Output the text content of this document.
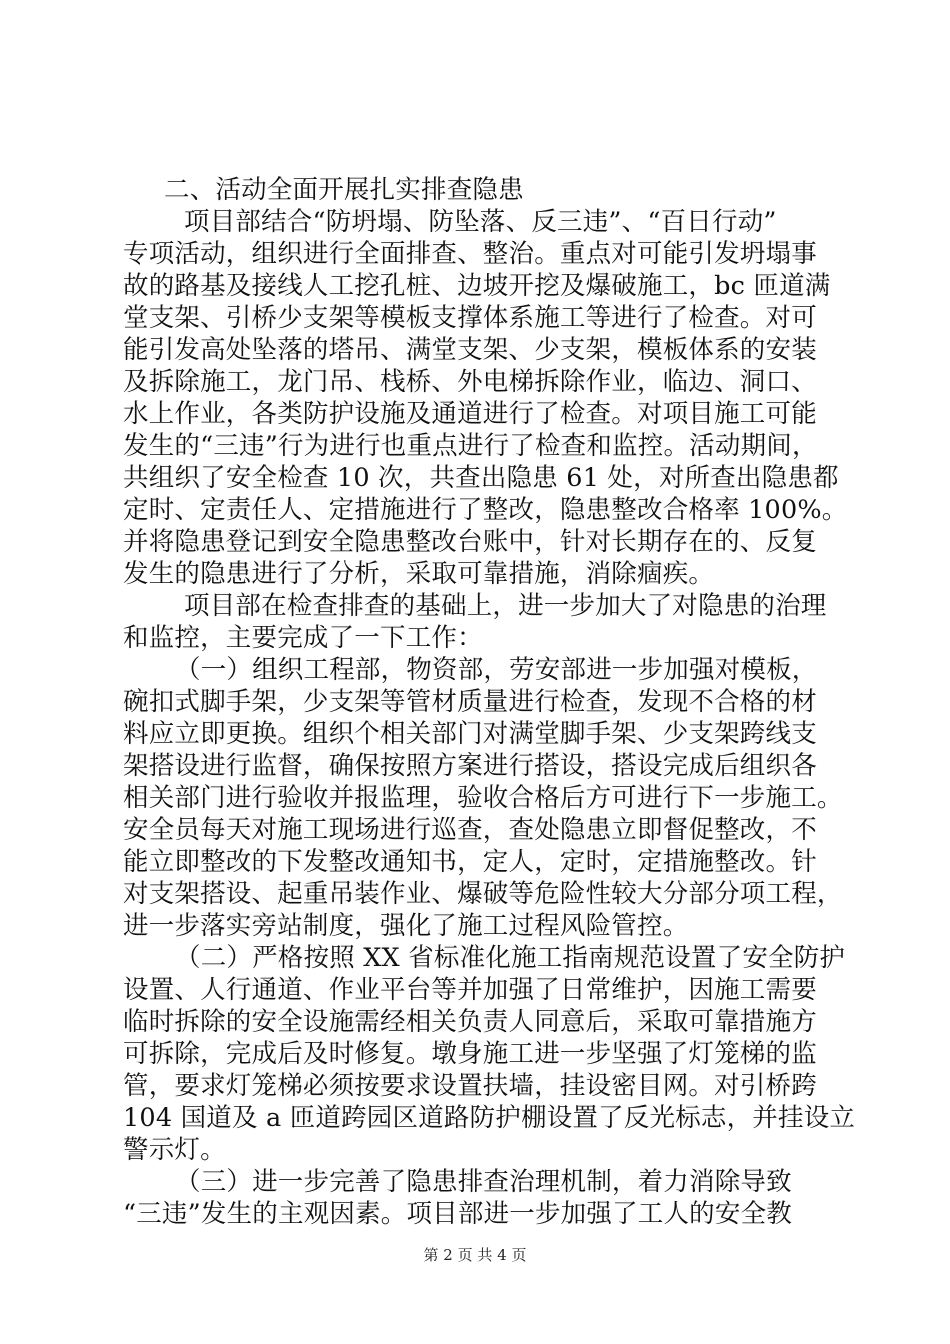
二、活动全面开展扎实排查隐患

项目部结合“防坍塌、防坠落、反三违”、“百日行动”

专项活动，组织进行全面排查、整治。重点对可能引发坍塌事

故的路基及接线人工挖孔桩、边坡开挖及爆破施工，bc 匝道满

堂支架、引桥少支架等模板支撑体系施工等进行了检查。对可

能引发高处坠落的塔吊、满堂支架、少支架，模板体系的安装

及拆除施工，龙门吊、栈桥、外电梯拆除作业，临边、洞口、

水上作业，各类防护设施及通道进行了检查。对项目施工可能

发生的“三违”行为进行也重点进行了检查和监控。活动期间，

共组织了安全检查 10 次，共查出隐患 61 处，对所查出隐患都

定时、定责任人、定措施进行了整改，隐患整改合格率 100%。

并将隐患登记到安全隐患整改台账中，针对长期存在的、反复

发生的隐患进行了分析，采取可靠措施，消除痼疾。

项目部在检查排查的基础上，进一步加大了对隐患的治理

和监控，主要完成了一下工作：

（一）组织工程部，物资部，劳安部进一步加强对模板，

碗扣式脚手架，少支架等管材质量进行检查，发现不合格的材

料应立即更换。组织个相关部门对满堂脚手架、少支架跨线支

架搭设进行监督，确保按照方案进行搭设，搭设完成后组织各

相关部门进行验收并报监理，验收合格后方可进行下一步施工。

安全员每天对施工现场进行巡查，查处隐患立即督促整改，不

能立即整改的下发整改通知书，定人，定时，定措施整改。针

对支架搭设、起重吊装作业、爆破等危险性较大分部分项工程，

进一步落实旁站制度，强化了施工过程风险管控。

（二）严格按照 XX 省标准化施工指南规范设置了安全防护

设置、人行通道、作业平台等并加强了日常维护，因施工需要

临时拆除的安全设施需经相关负责人同意后，采取可靠措施方

可拆除，完成后及时修复。墩身施工进一步坚强了灯笼梯的监

管，要求灯笼梯必须按要求设置扶墙，挂设密目网。对引桥跨

104 国道及 a 匝道跨园区道路防护棚设置了反光标志，并挂设立

警示灯。

（三）进一步完善了隐患排查治理机制，着力消除导致

“三违”发生的主观因素。项目部进一步加强了工人的安全教

第 2 页 共 4 页
